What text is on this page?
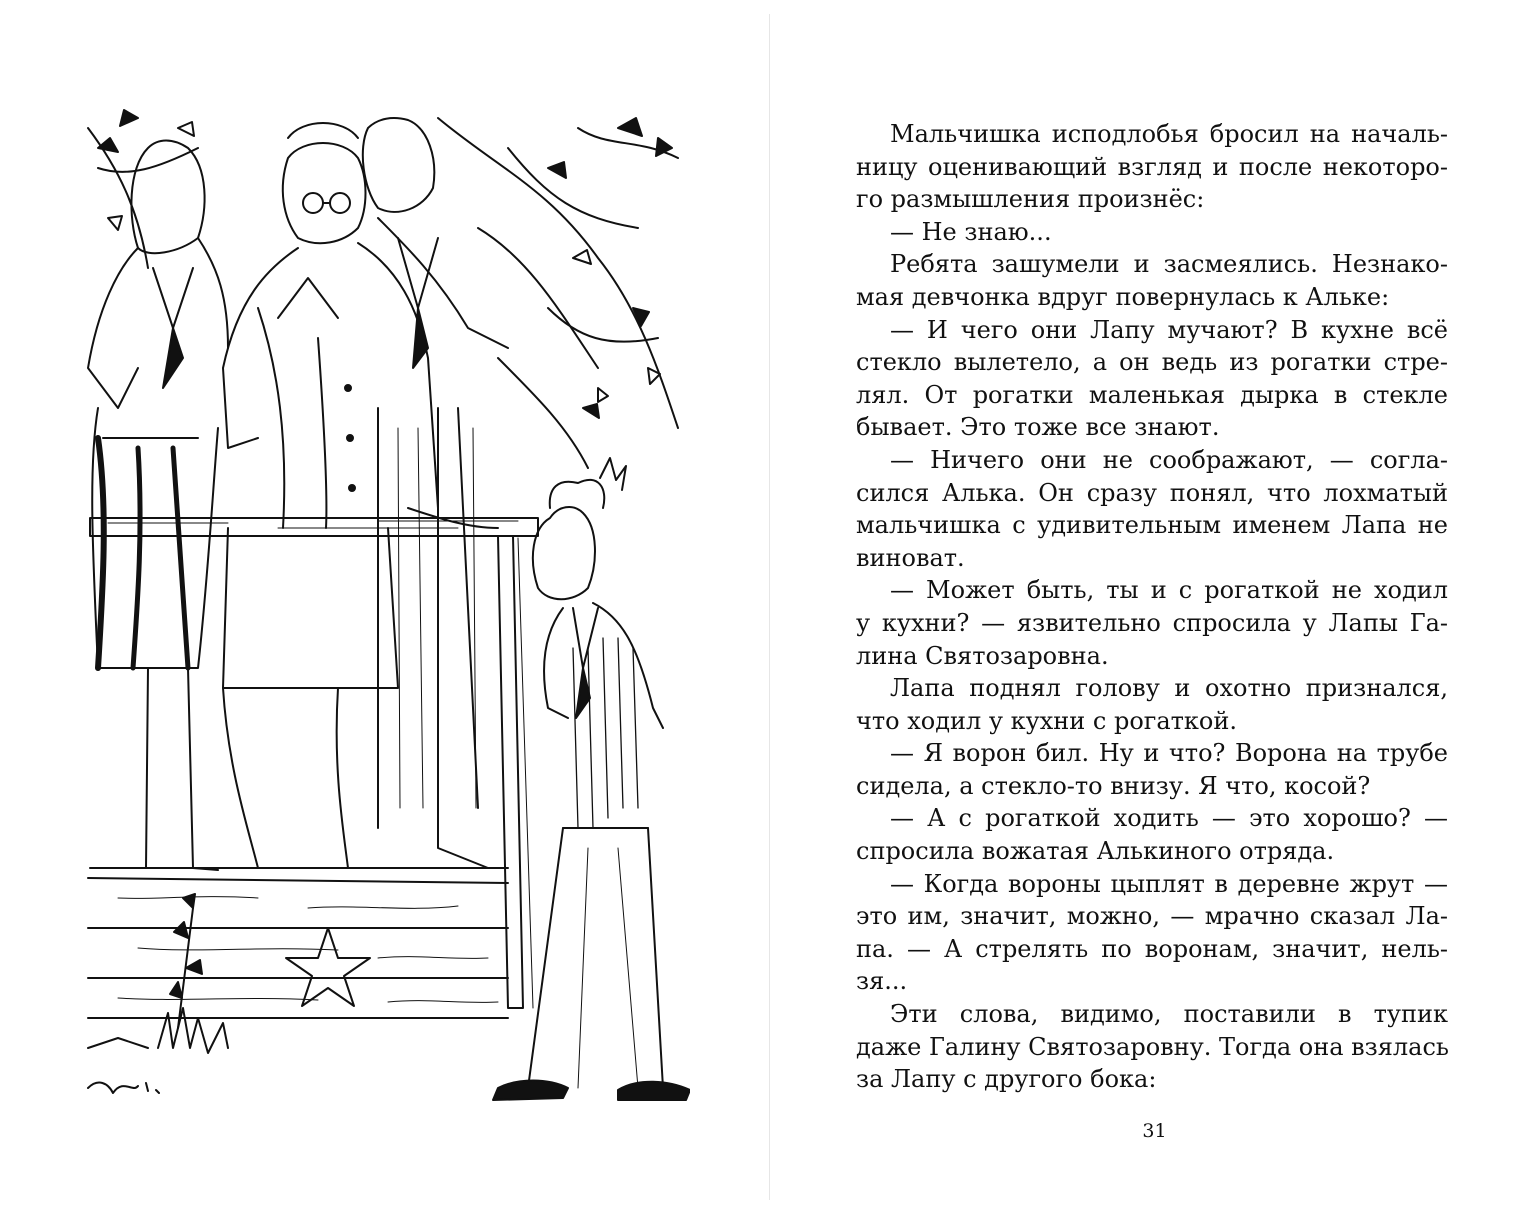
Мальчишка исподлобья бросил на началь-
ницу оценивающий взгляд и после некоторо-
го размышления произнёс:
— Не знаю...
Ребята зашумели и засмеялись. Незнако-
мая девчонка вдруг повернулась к Альке:
— И чего они Лапу мучают? В кухне всё
стекло вылетело, а он ведь из рогатки стре-
лял. От рогатки маленькая дырка в стекле
бывает. Это тоже все знают.
— Ничего они не соображают, — согла-
сился Алька. Он сразу понял, что лохматый
мальчишка с удивительным именем Лапа не
виноват.
— Может быть, ты и с рогаткой не ходил
у кухни? — язвительно спросила у Лапы Га-
лина Святозаровна.
Лапа поднял голову и охотно признался,
что ходил у кухни с рогаткой.
— Я ворон бил. Ну и что? Ворона на трубе
сидела, а стекло-то внизу. Я что, косой?
— А с рогаткой ходить — это хорошо? —
спросила вожатая Алькиного отряда.
— Когда вороны цыплят в деревне жрут —
это им, значит, можно, — мрачно сказал Ла-
па. — А стрелять по воронам, значит, нель-
зя...
Эти слова, видимо, поставили в тупик
даже Галину Святозаровну. Тогда она взялась
за Лапу с другого бока:
31
